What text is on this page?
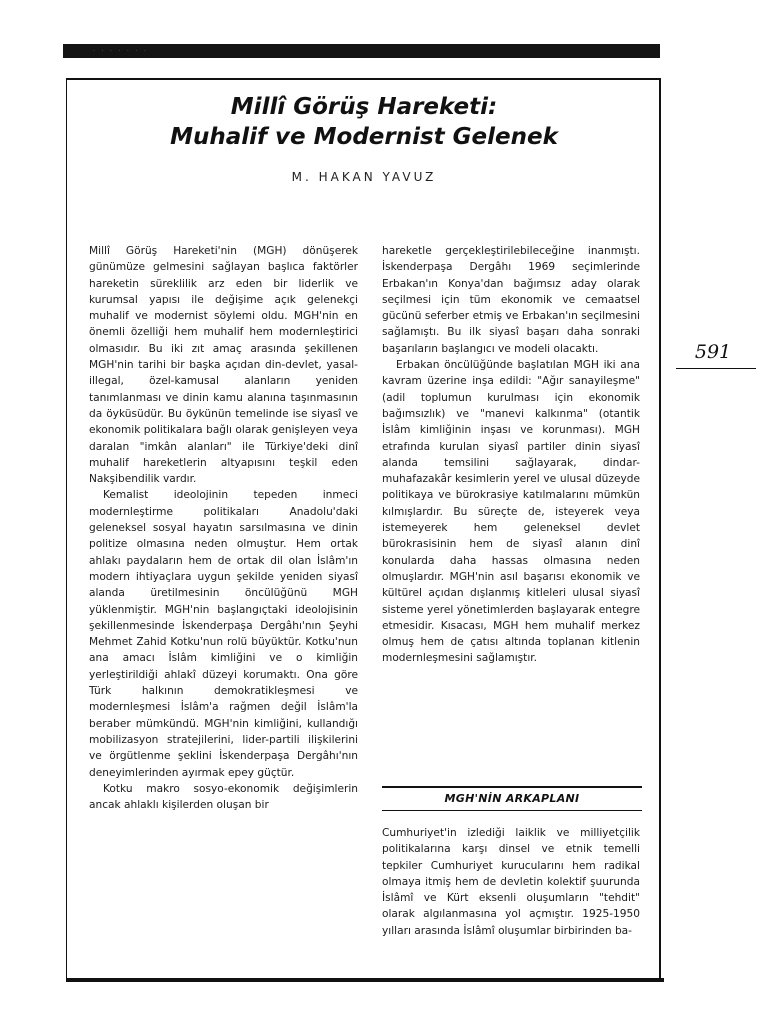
· · · · · · ·
Millî Görüş Hareketi:
Muhalif ve Modernist Gelenek
M. HAKAN YAVUZ

Millî Görüş Hareketi'nin (MGH) dönüşerek günümüze gelmesini sağlayan başlıca faktörler hareketin süreklilik arz eden bir liderlik ve kurumsal yapısı ile değişime açık gelenekçi muhalif ve modernist söylemi oldu. MGH'nin en önemli özelliği hem muhalif hem modernleştirici olmasıdır. Bu iki zıt amaç arasında şekillenen MGH'nin tarihi bir başka açıdan din-devlet, yasal-illegal, özel-kamusal alanların yeniden tanımlanması ve dinin kamu alanına taşınmasının da öyküsüdür. Bu öykünün temelinde ise siyasî ve ekonomik politikalara bağlı olarak genişleyen veya daralan "imkân alanları" ile Türkiye'deki dinî muhalif hareketlerin altyapısını teşkil eden Nakşibendilik vardır.

Kemalist ideolojinin tepeden inmeci modernleştirme politikaları Anadolu'daki geleneksel sosyal hayatın sarsılmasına ve dinin politize olmasına neden olmuştur. Hem ortak ahlakı paydaların hem de ortak dil olan İslâm'ın modern ihtiyaçlara uygun şekilde yeniden siyasî alanda üretilmesinin öncülüğünü MGH yüklenmiştir. MGH'nin başlangıçtaki ideolojisinin şekillenmesinde İskenderpaşa Dergâhı'nın Şeyhi Mehmet Zahid Kotku'nun rolü büyüktür. Kotku'nun ana amacı İslâm kimliğini ve o kimliğin yerleştirildiği ahlakî düzeyi korumaktı. Ona göre Türk halkının demokratikleşmesi ve modernleşmesi İslâm'a rağmen değil İslâm'la beraber mümkündü. MGH'nin kimliğini, kullandığı mobilizasyon stratejilerini, lider-partili ilişkilerini ve örgütlenme şeklini İskenderpaşa Dergâhı'nın deneyimlerinden ayırmak epey güçtür.

Kotku makro sosyo-ekonomik değişimlerin ancak ahlaklı kişilerden oluşan bir

hareketle gerçekleştirilebileceğine inanmıştı. İskenderpaşa Dergâhı 1969 seçimlerinde Erbakan'ın Konya'dan bağımsız aday olarak seçilmesi için tüm ekonomik ve cemaatsel gücünü seferber etmiş ve Erbakan'ın seçilmesini sağlamıştı. Bu ilk siyasî başarı daha sonraki başarıların başlangıcı ve modeli olacaktı.

Erbakan öncülüğünde başlatılan MGH iki ana kavram üzerine inşa edildi: "Ağır sanayileşme" (adil toplumun kurulması için ekonomik bağımsızlık) ve "manevi kalkınma" (otantik İslâm kimliğinin inşası ve korunması). MGH etrafında kurulan siyasî partiler dinin siyasî alanda temsilini sağlayarak, dindar-muhafazakâr kesimlerin yerel ve ulusal düzeyde politikaya ve bürokrasiye katılmalarını mümkün kılmışlardır. Bu süreçte de, isteyerek veya istemeyerek hem geleneksel devlet bürokrasisinin hem de siyasî alanın dinî konularda daha hassas olmasına neden olmuşlardır. MGH'nin asıl başarısı ekonomik ve kültürel açıdan dışlanmış kitleleri ulusal siyasî sisteme yerel yönetimlerden başlayarak entegre etmesidir. Kısacası, MGH hem muhalif merkez olmuş hem de çatısı altında toplanan kitlenin modernleşmesini sağlamıştır.

MGH'NİN ARKAPLANI

Cumhuriyet'in izlediği laiklik ve milliyetçilik politikalarına karşı dinsel ve etnik temelli tepkiler Cumhuriyet kurucularını hem radikal olmaya itmiş hem de devletin kolektif şuurunda İslâmî ve Kürt eksenli oluşumların "tehdit" olarak algılanmasına yol açmıştır. 1925-1950 yılları arasında İslâmî oluşumlar birbirinden ba-

591
